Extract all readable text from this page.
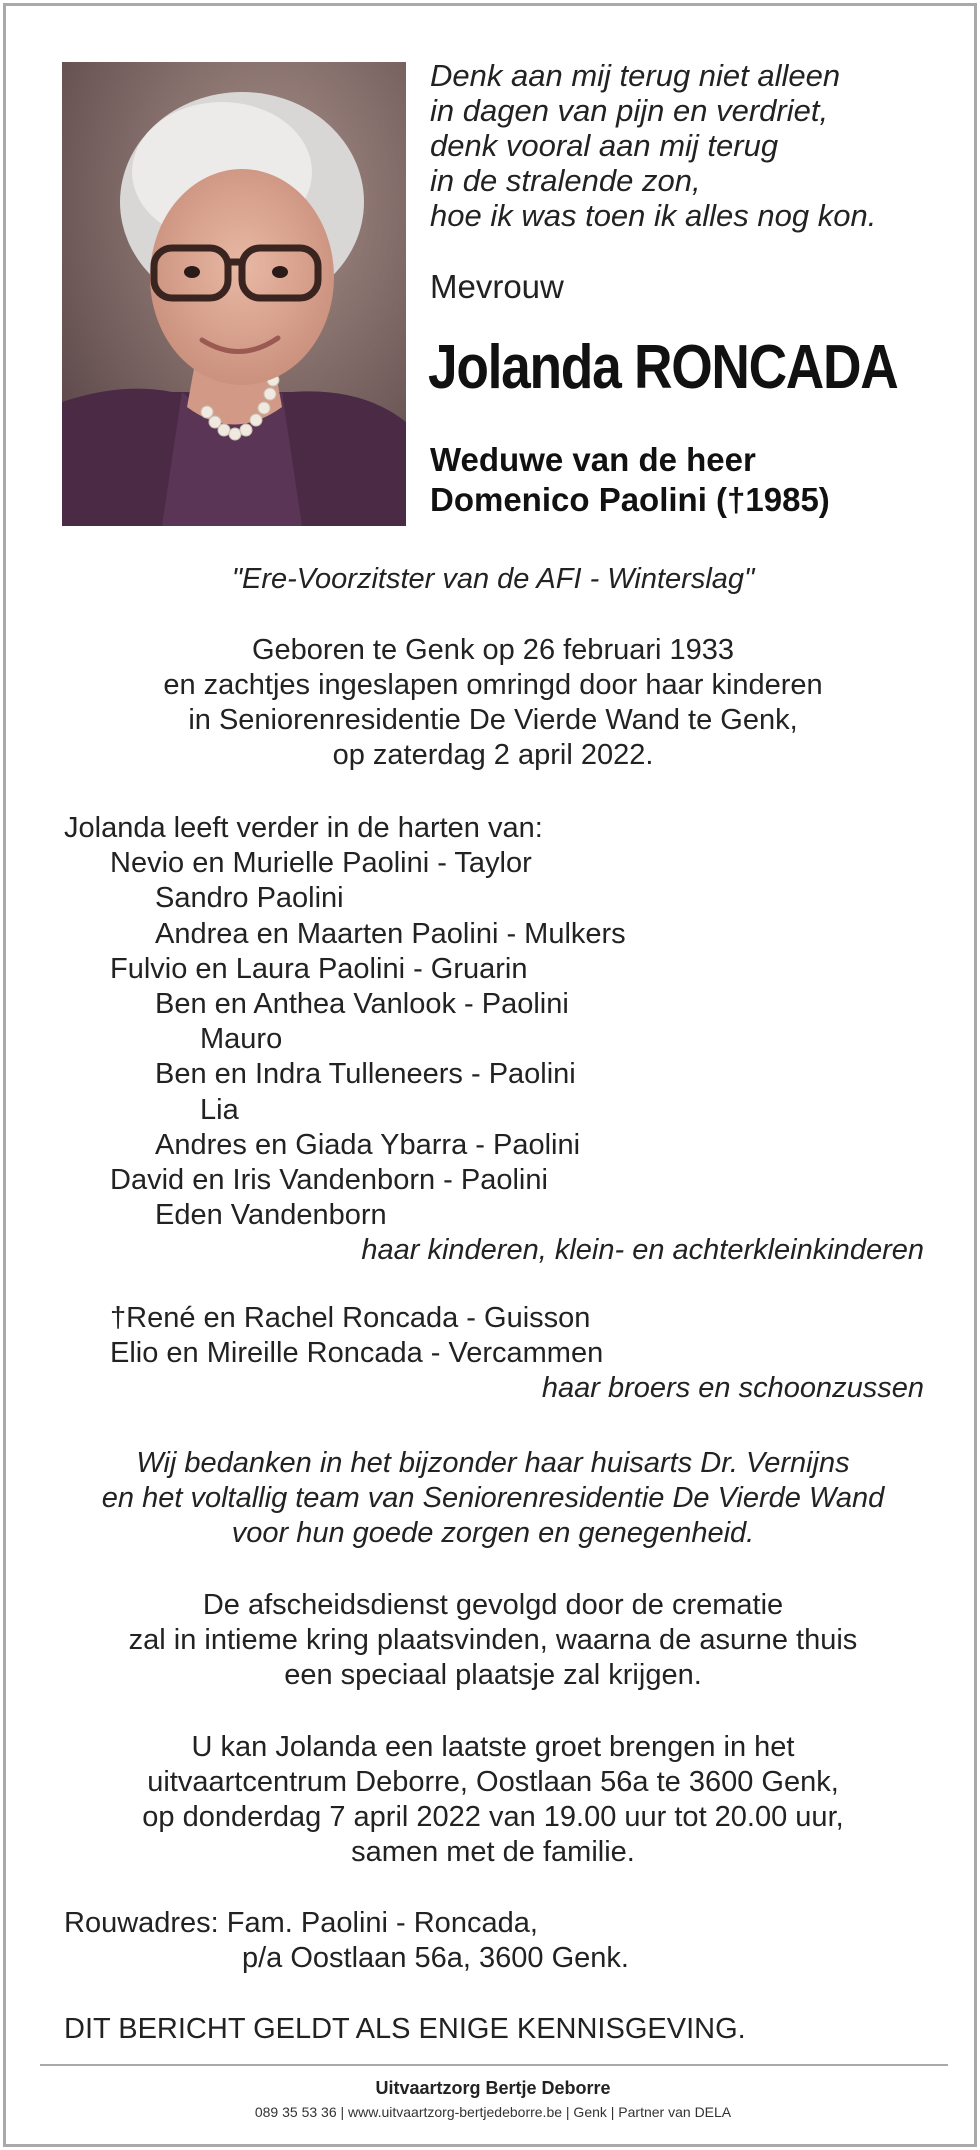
Denk aan mij terug niet alleen
in dagen van pijn en verdriet,
denk vooral aan mij terug
in de stralende zon,
hoe ik was toen ik alles nog kon.
Mevrouw
Jolanda RONCADA
Weduwe van de heer
Domenico Paolini (†1985)
"Ere-Voorzitster van de AFI - Winterslag"
Geboren te Genk op 26 februari 1933
en zachtjes ingeslapen omringd door haar kinderen
in Seniorenresidentie De Vierde Wand te Genk,
op zaterdag 2 april 2022.
Jolanda leeft verder in de harten van:
Nevio en Murielle Paolini - Taylor
Sandro Paolini
Andrea en Maarten Paolini - Mulkers
Fulvio en Laura Paolini - Gruarin
Ben en Anthea Vanlook - Paolini
Mauro
Ben en Indra Tulleneers - Paolini
Lia
Andres en Giada Ybarra - Paolini
David en Iris Vandenborn - Paolini
Eden Vandenborn
haar kinderen, klein- en achterkleinkinderen
†René en Rachel Roncada - Guisson
Elio en Mireille Roncada - Vercammen
haar broers en schoonzussen
Wij bedanken in het bijzonder haar huisarts Dr. Vernijns
en het voltallig team van Seniorenresidentie De Vierde Wand
voor hun goede zorgen en genegenheid.
De afscheidsdienst gevolgd door de crematie
zal in intieme kring plaatsvinden, waarna de asurne thuis
een speciaal plaatsje zal krijgen.
U kan Jolanda een laatste groet brengen in het
uitvaartcentrum Deborre, Oostlaan 56a te 3600 Genk,
op donderdag 7 april 2022 van 19.00 uur tot 20.00 uur,
samen met de familie.
Rouwadres: Fam. Paolini - Roncada,
p/a Oostlaan 56a, 3600 Genk.
DIT BERICHT GELDT ALS ENIGE KENNISGEVING.
Uitvaartzorg Bertje Deborre
089 35 53 36 | www.uitvaartzorg-bertjedeborre.be | Genk | Partner van DELA
